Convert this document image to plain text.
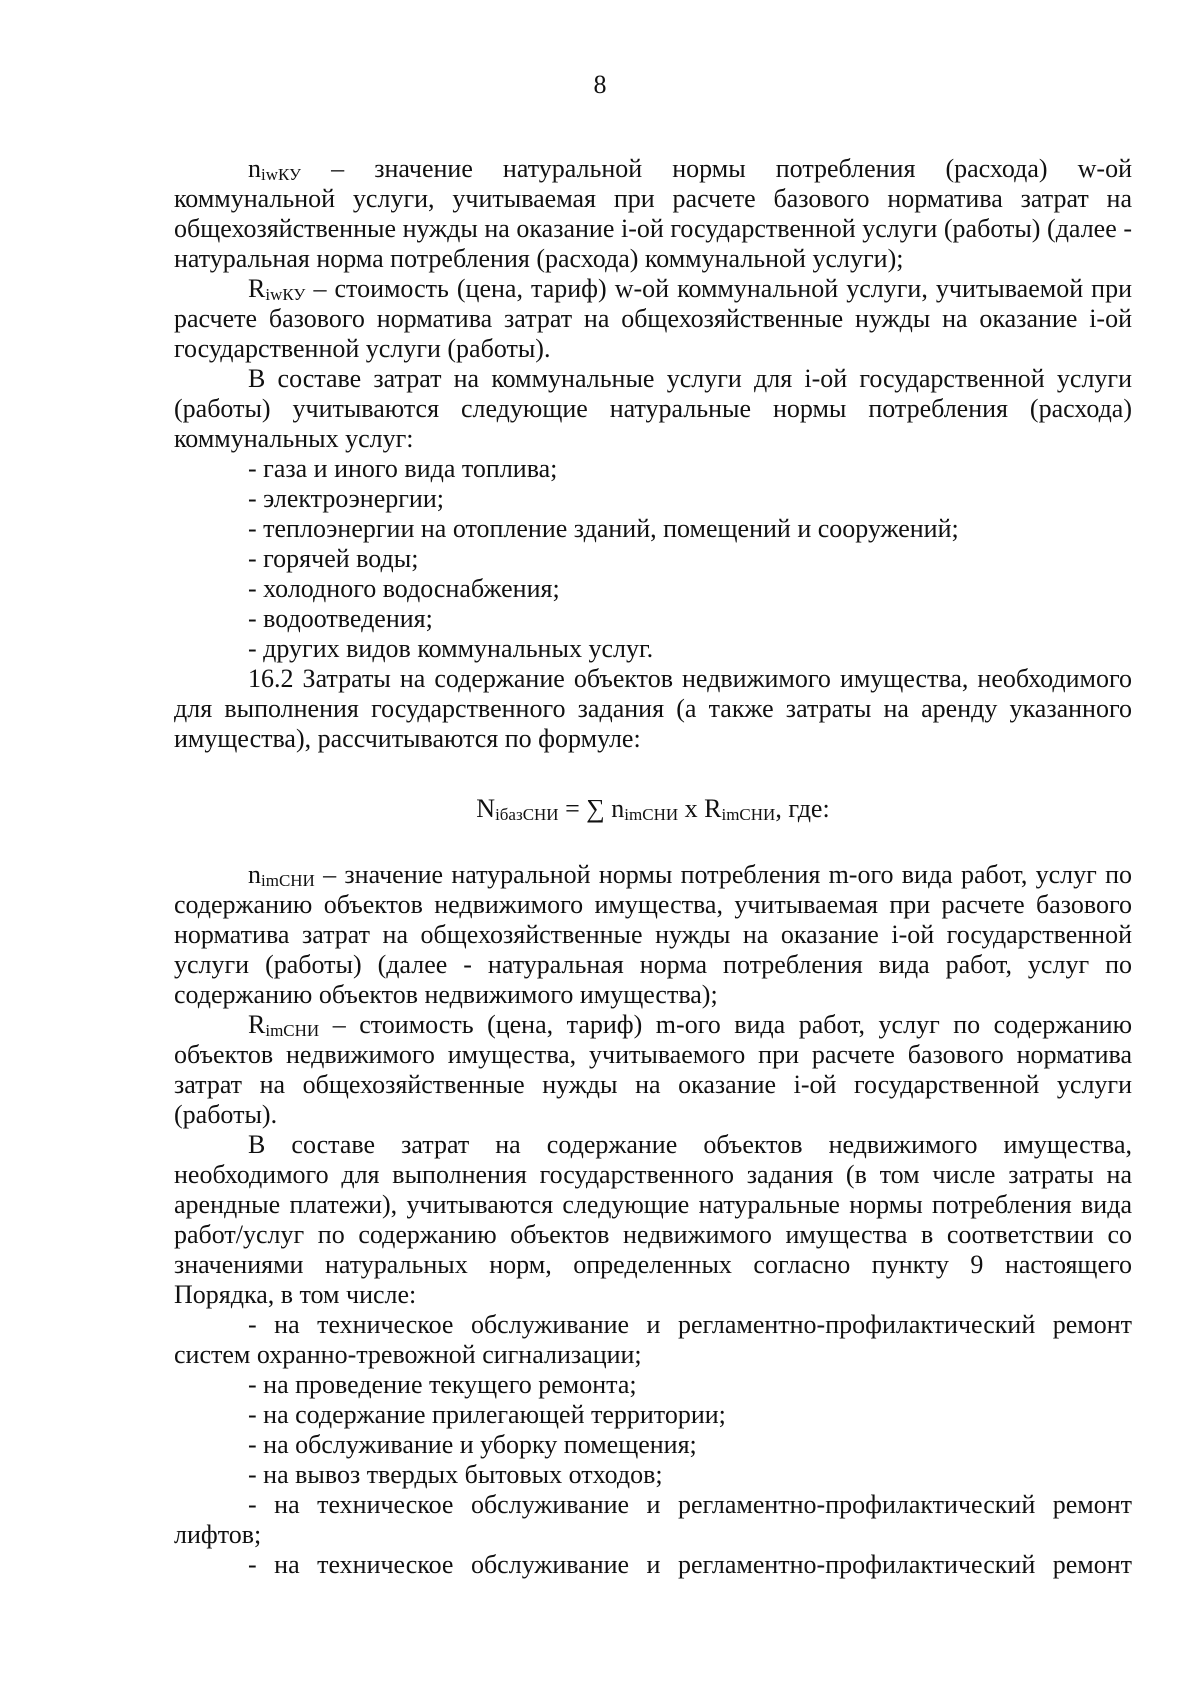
8

$n_{iwКУ}$ – значение натуральной нормы потребления (расхода) w-ой коммунальной услуги, учитываемая при расчете базового норматива затрат на общехозяйственные нужды на оказание i-ой государственной услуги (работы) (далее - натуральная норма потребления (расхода) коммунальной услуги);

$R_{iwКУ}$ – стоимость (цена, тариф) w-ой коммунальной услуги, учитываемой при расчете базового норматива затрат на общехозяйственные нужды на оказание i-ой государственной услуги (работы).

В составе затрат на коммунальные услуги для i-ой государственной услуги (работы) учитываются следующие натуральные нормы потребления (расхода) коммунальных услуг:

- газа и иного вида топлива;

- электроэнергии;

- теплоэнергии на отопление зданий, помещений и сооружений;

- горячей воды;

- холодного водоснабжения;

- водоотведения;

- других видов коммунальных услуг.

16.2 Затраты на содержание объектов недвижимого имущества, необходимого для выполнения государственного задания (а также затраты на аренду указанного имущества), рассчитываются по формуле:

$N_{iбазСНИ}$ = ∑ $n_{imСНИ}$ x $R_{imСНИ}$, где:

$n_{imСНИ}$ – значение натуральной нормы потребления m-ого вида работ, услуг по содержанию объектов недвижимого имущества, учитываемая при расчете базового норматива затрат на общехозяйственные нужды на оказание i-ой государственной услуги (работы) (далее - натуральная норма потребления вида работ, услуг по содержанию объектов недвижимого имущества);

$R_{imСНИ}$ – стоимость (цена, тариф) m-ого вида работ, услуг по содержанию объектов недвижимого имущества, учитываемого при расчете базового норматива затрат на общехозяйственные нужды на оказание i-ой государственной услуги (работы).

В составе затрат на содержание объектов недвижимого имущества, необходимого для выполнения государственного задания (в том числе затраты на арендные платежи), учитываются следующие натуральные нормы потребления вида работ/услуг по содержанию объектов недвижимого имущества в соответствии со значениями натуральных норм, определенных согласно пункту 9 настоящего Порядка, в том числе:

- на техническое обслуживание и регламентно-профилактический ремонт систем охранно-тревожной сигнализации;

- на проведение текущего ремонта;

- на содержание прилегающей территории;

- на обслуживание и уборку помещения;

- на вывоз твердых бытовых отходов;

- на техническое обслуживание и регламентно-профилактический ремонт лифтов;

- на техническое обслуживание и регламентно-профилактический ремонт
